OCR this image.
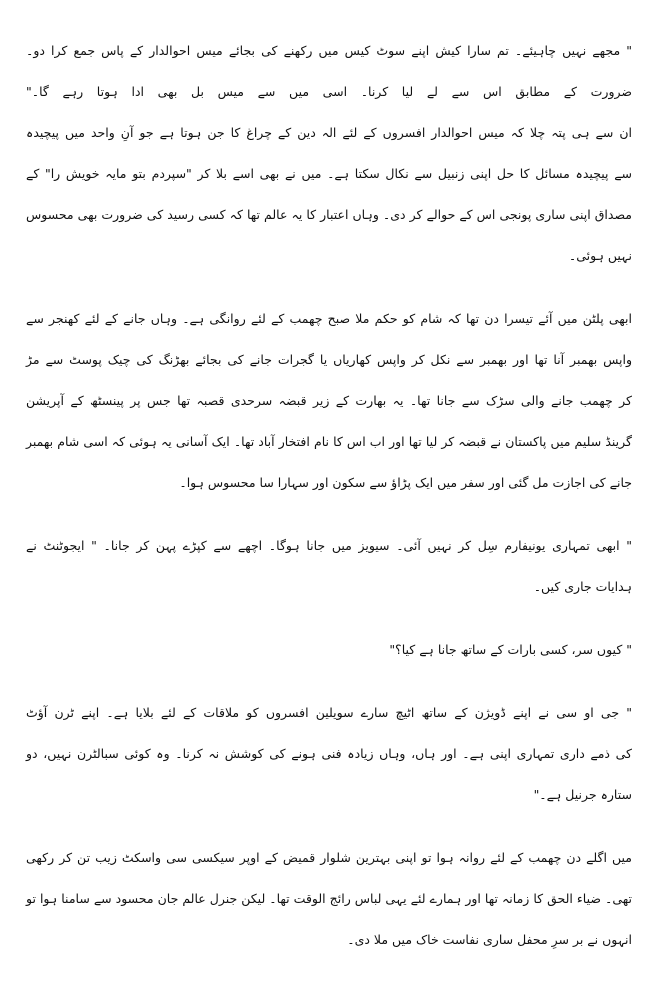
" مجھے نہیں چاہیئے۔ تم سارا کیش اپنے سوٹ کیس میں رکھنے کی بجائے میس احوالدار کے پاس جمع کرا دو۔
ضرورت کے مطابق اس سے لے لیا کرنا۔ اسی میں سے میس بل بھی ادا ہوتا رہے گا۔"
ان سے ہی پتہ چلا کہ میس احوالدار افسروں کے لئے الہ دین کے چراغ کا جن ہوتا ہے جو آنِ واحد میں پیچیدہ
سے پیچیدہ مسائل کا حل اپنی زنبیل سے نکال سکتا ہے۔ میں نے بھی اسے بلا کر "سپردم بتو مایہ خویش را" کے
مصداق اپنی ساری پونجی اس کے حوالے کر دی۔ وہاں اعتبار کا یہ عالم تھا کہ کسی رسید کی ضرورت بھی محسوس
نہیں ہوئی۔
ابھی پلٹن میں آئے تیسرا دن تھا کہ شام کو حکم ملا صبح چھمب کے لئے روانگی ہے۔ وہاں جانے کے لئے کھنجر سے
واپس بھمبر آنا تھا اور بھمبر سے نکل کر واپس کھاریاں یا گجرات جانے کی بجائے بھڑنگ کی چیک پوسٹ سے مڑ
کر چھمب جانے والی سڑک سے جانا تھا۔ یہ بھارت کے زیر قبضہ سرحدی قصبہ تھا جس پر پینسٹھ کے آپریشن
گرینڈ سلیم میں پاکستان نے قبضہ کر لیا تھا اور اب اس کا نام افتخار آباد تھا۔ ایک آسانی یہ ہوئی کہ اسی شام بھمبر
جانے کی اجازت مل گئی اور سفر میں ایک پڑاؤ سے سکون اور سہارا سا محسوس ہوا۔
" ابھی تمہاری یونیفارم سِل کر نہیں آئی۔ سیویز میں جانا ہوگا۔ اچھے سے کپڑے پہن کر جانا۔ " ایجوٹنٹ نے
ہدایات جاری کیں۔
" کیوں سر، کسی بارات کے ساتھ جانا ہے کیا؟"
" جی او سی نے اپنے ڈویژن کے ساتھ اٹیچ سارے سویلین افسروں کو ملاقات کے لئے بلایا ہے۔ اپنے ٹرن آؤٹ
کی ذمے داری تمہاری اپنی ہے۔ اور ہاں، وہاں زیادہ فنی ہونے کی کوشش نہ کرنا۔ وہ کوئی سبالٹرن نہیں، دو
ستارہ جرنیل ہے۔"
میں اگلے دن چھمب کے لئے روانہ ہوا تو اپنی بہترین شلوار قمیض کے اوپر سیکسی سی واسکٹ زیب تن کر رکھی
تھی۔ ضیاء الحق کا زمانہ تھا اور ہمارے لئے یہی لباس رائج الوقت تھا۔ لیکن جنرل عالم جان محسود سے سامنا ہوا تو
انہوں نے بر سرِ محفل ساری نفاست خاک میں ملا دی۔
